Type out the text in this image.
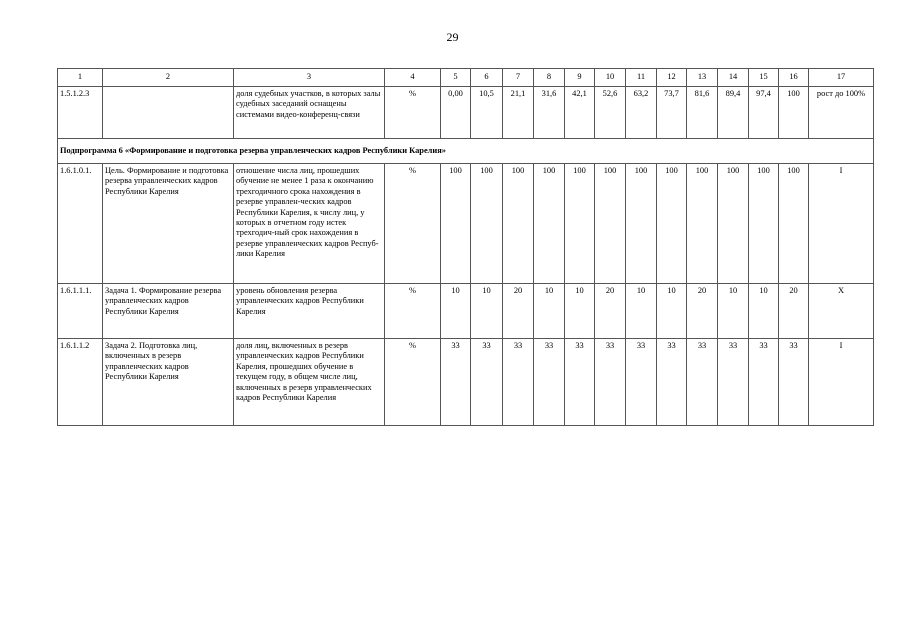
29
1	2	3	4	5	6	7	8	9	10	11	12	13	14	15	16	17
1.5.1.2.3		доля судебных участков, в которых залы судебных заседаний оснащены системами видео-конференц-связи	%	0,00	10,5	21,1	31,6	42,1	52,6	63,2	73,7	81,6	89,4	97,4	100	рост до 100%
Подпрограмма 6 «Формирование и подготовка резерва управленческих кадров Республики Карелия»																
1.6.1.0.1.	Цель. Формирование и подготовка резерва управленческих кадров Республики Карелия	отношение числа лиц, прошедших обучение не менее 1 раза к окончанию трехгодичного срока нахождения в резерве управлен-ческих кадров Республики Карелия, к числу лиц, у которых в отчетном году истек трехгодич-ный срок нахождения в резерве управленческих кадров Респуб-лики Карелия	%	100	100	100	100	100	100	100	100	100	100	100	100	I
1.6.1.1.1.	Задача 1. Формирование резерва управленческих кадров Республики Карелия	уровень обновления резерва управленческих кадров Республики Карелия	%	10	10	20	10	10	20	10	10	20	10	10	20	X
1.6.1.1.2	Задача 2. Подготовка лиц, включенных в резерв управленческих кадров Республики Карелия	доля лиц, включенных в резерв управленческих кадров Республики Карелия, прошедших обучение в текущем году, в общем числе лиц, включенных в резерв управленческих кадров Республики Карелия	%	33	33	33	33	33	33	33	33	33	33	33	33	I
